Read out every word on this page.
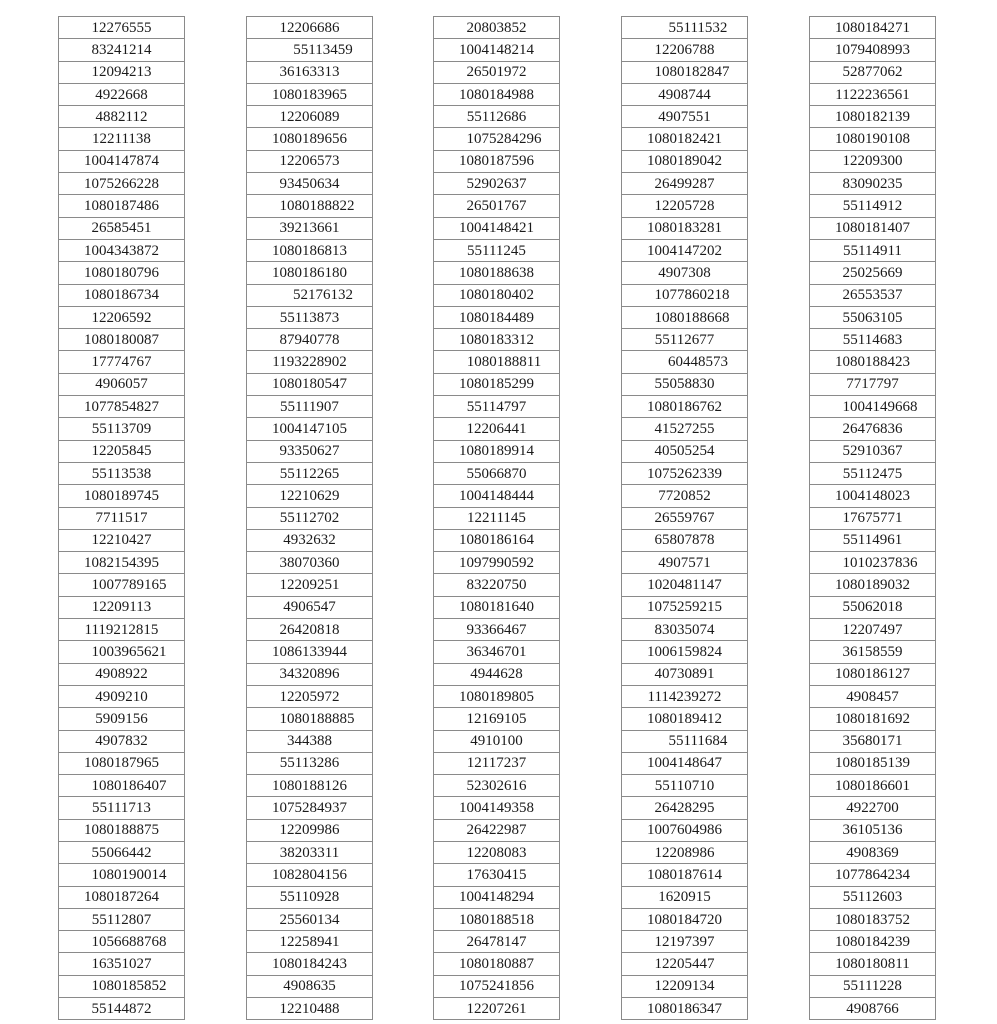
12276555
83241214
12094213
4922668
4882112
12211138
1004147874
1075266228
1080187486
26585451
1004343872
1080180796
1080186734
12206592
1080180087
17774767
4906057
1077854827
55113709
12205845
55113538
1080189745
7711517
12210427
1082154395
1007789165
12209113
1119212815
1003965621
4908922
4909210
5909156
4907832
1080187965
1080186407
55111713
1080188875
55066442
1080190014
1080187264
55112807
1056688768
16351027
1080185852
55144872
12206686
55113459
36163313
1080183965
12206089
1080189656
12206573
93450634
1080188822
39213661
1080186813
1080186180
52176132
55113873
87940778
1193228902
1080180547
55111907
1004147105
93350627
55112265
12210629
55112702
4932632
38070360
12209251
4906547
26420818
1086133944
34320896
12205972
1080188885
344388
55113286
1080188126
1075284937
12209986
38203311
1082804156
55110928
25560134
12258941
1080184243
4908635
12210488
20803852
1004148214
26501972
1080184988
55112686
1075284296
1080187596
52902637
26501767
1004148421
55111245
1080188638
1080180402
1080184489
1080183312
1080188811
1080185299
55114797
12206441
1080189914
55066870
1004148444
12211145
1080186164
1097990592
83220750
1080181640
93366467
36346701
4944628
1080189805
12169105
4910100
12117237
52302616
1004149358
26422987
12208083
17630415
1004148294
1080188518
26478147
1080180887
1075241856
12207261
55111532
12206788
1080182847
4908744
4907551
1080182421
1080189042
26499287
12205728
1080183281
1004147202
4907308
1077860218
1080188668
55112677
60448573
55058830
1080186762
41527255
40505254
1075262339
7720852
26559767
65807878
4907571
1020481147
1075259215
83035074
1006159824
40730891
1114239272
1080189412
55111684
1004148647
55110710
26428295
1007604986
12208986
1080187614
1620915
1080184720
12197397
12205447
12209134
1080186347
1080184271
1079408993
52877062
1122236561
1080182139
1080190108
12209300
83090235
55114912
1080181407
55114911
25025669
26553537
55063105
55114683
1080188423
7717797
1004149668
26476836
52910367
55112475
1004148023
17675771
55114961
1010237836
1080189032
55062018
12207497
36158559
1080186127
4908457
1080181692
35680171
1080185139
1080186601
4922700
36105136
4908369
1077864234
55112603
1080183752
1080184239
1080180811
55111228
4908766
